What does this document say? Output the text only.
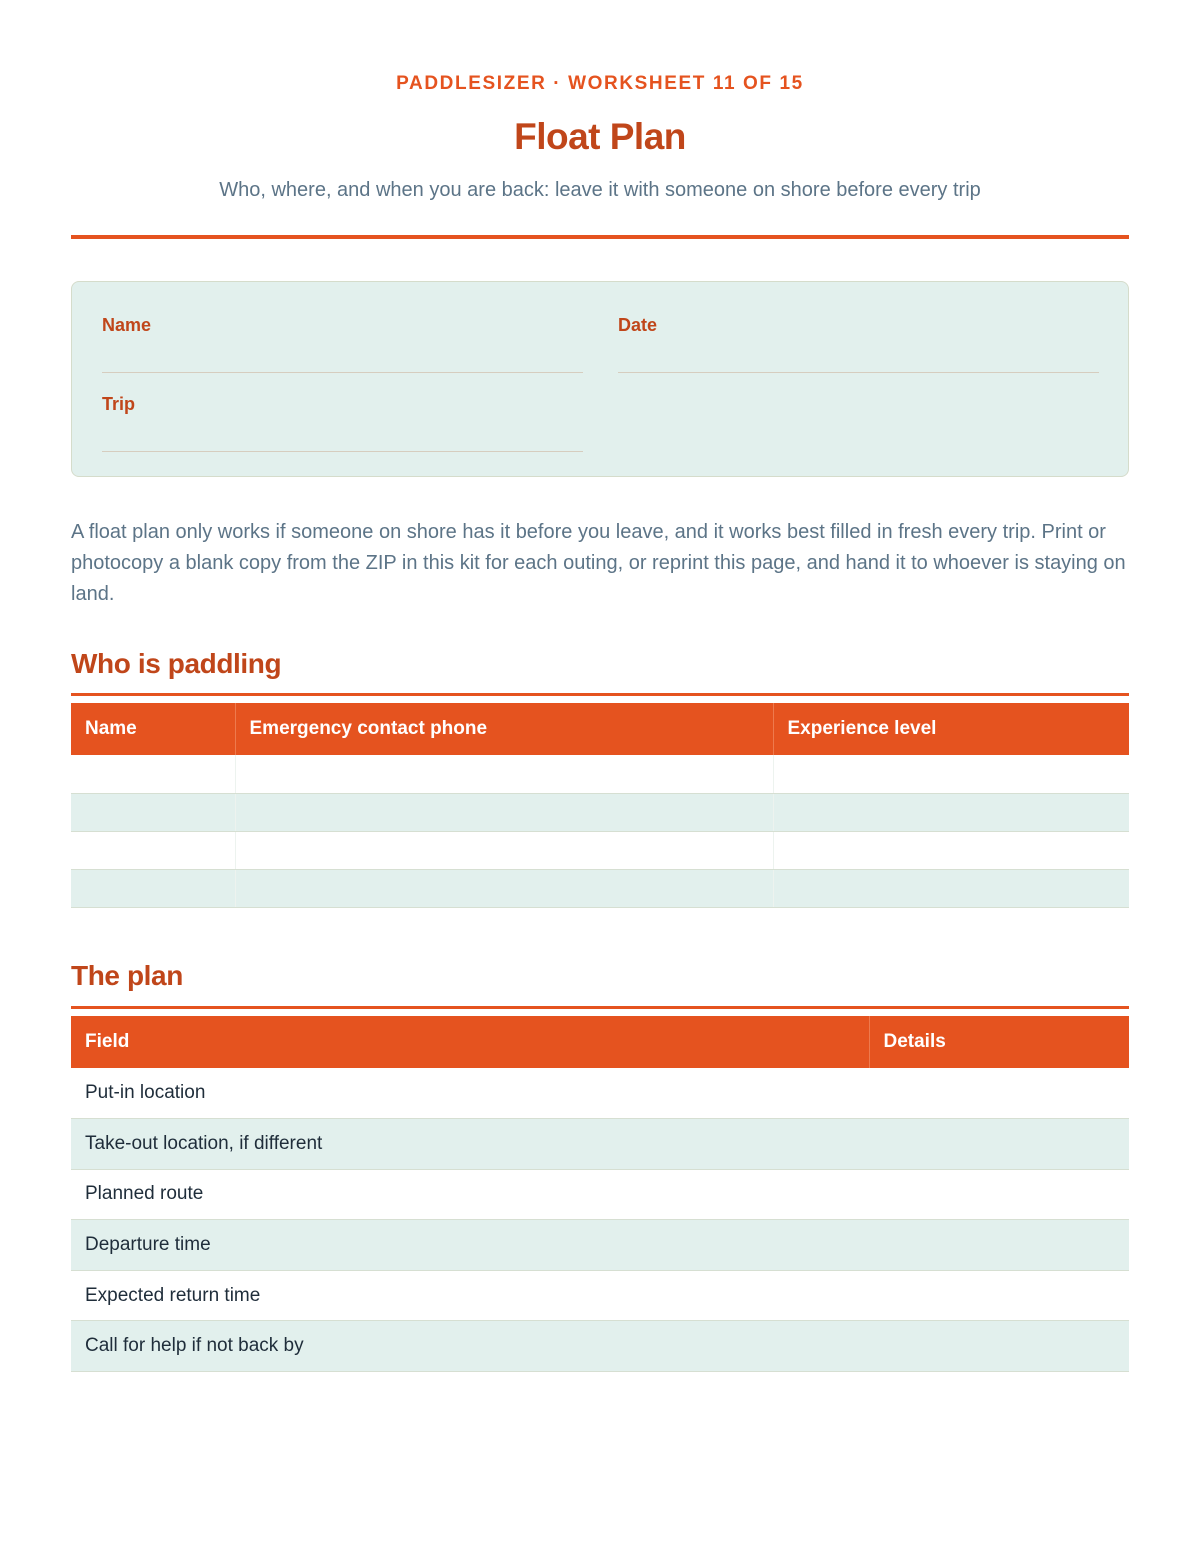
PADDLESIZER · WORKSHEET 11 OF 15
Float Plan
Who, where, and when you are back: leave it with someone on shore before every trip
Name	Date
Trip

A float plan only works if someone on shore has it before you leave, and it works best filled in fresh every trip. Print or photocopy a blank copy from the ZIP in this kit for each outing, or reprint this page, and hand it to whoever is staying on land.

Who is paddling
Name	Emergency contact phone	Experience level

The plan
Field	Details
Put-in location	
Take-out location, if different	
Planned route	
Departure time	
Expected return time	
Call for help if not back by	
